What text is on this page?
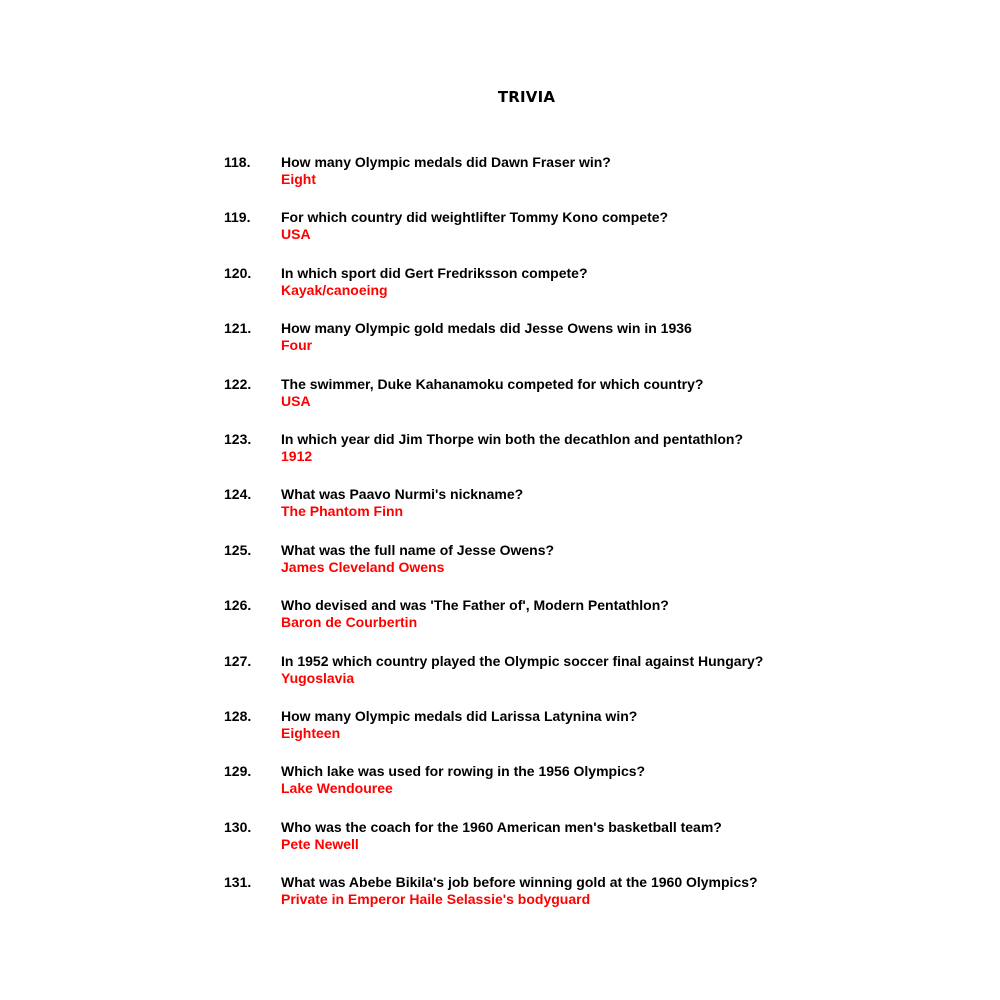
TRIVIA
118. How many Olympic medals did Dawn Fraser win?
Eight
119. For which country did weightlifter Tommy Kono compete?
USA
120. In which sport did Gert Fredriksson compete?
Kayak/canoeing
121. How many Olympic gold medals did Jesse Owens win in 1936
Four
122. The swimmer, Duke Kahanamoku competed for which country?
USA
123. In which year did Jim Thorpe win both the decathlon and pentathlon?
1912
124. What was Paavo Nurmi's nickname?
The Phantom Finn
125. What was the full name of Jesse Owens?
James Cleveland Owens
126. Who devised and was 'The Father of', Modern Pentathlon?
Baron de Courbertin
127. In 1952 which country played the Olympic soccer final against Hungary?
Yugoslavia
128. How many Olympic medals did Larissa Latynina win?
Eighteen
129. Which lake was used for rowing in the 1956 Olympics?
Lake Wendouree
130. Who was the coach for the 1960 American men's basketball team?
Pete Newell
131. What was Abebe Bikila's job before winning gold at the 1960 Olympics?
Private in Emperor Haile Selassie's bodyguard
